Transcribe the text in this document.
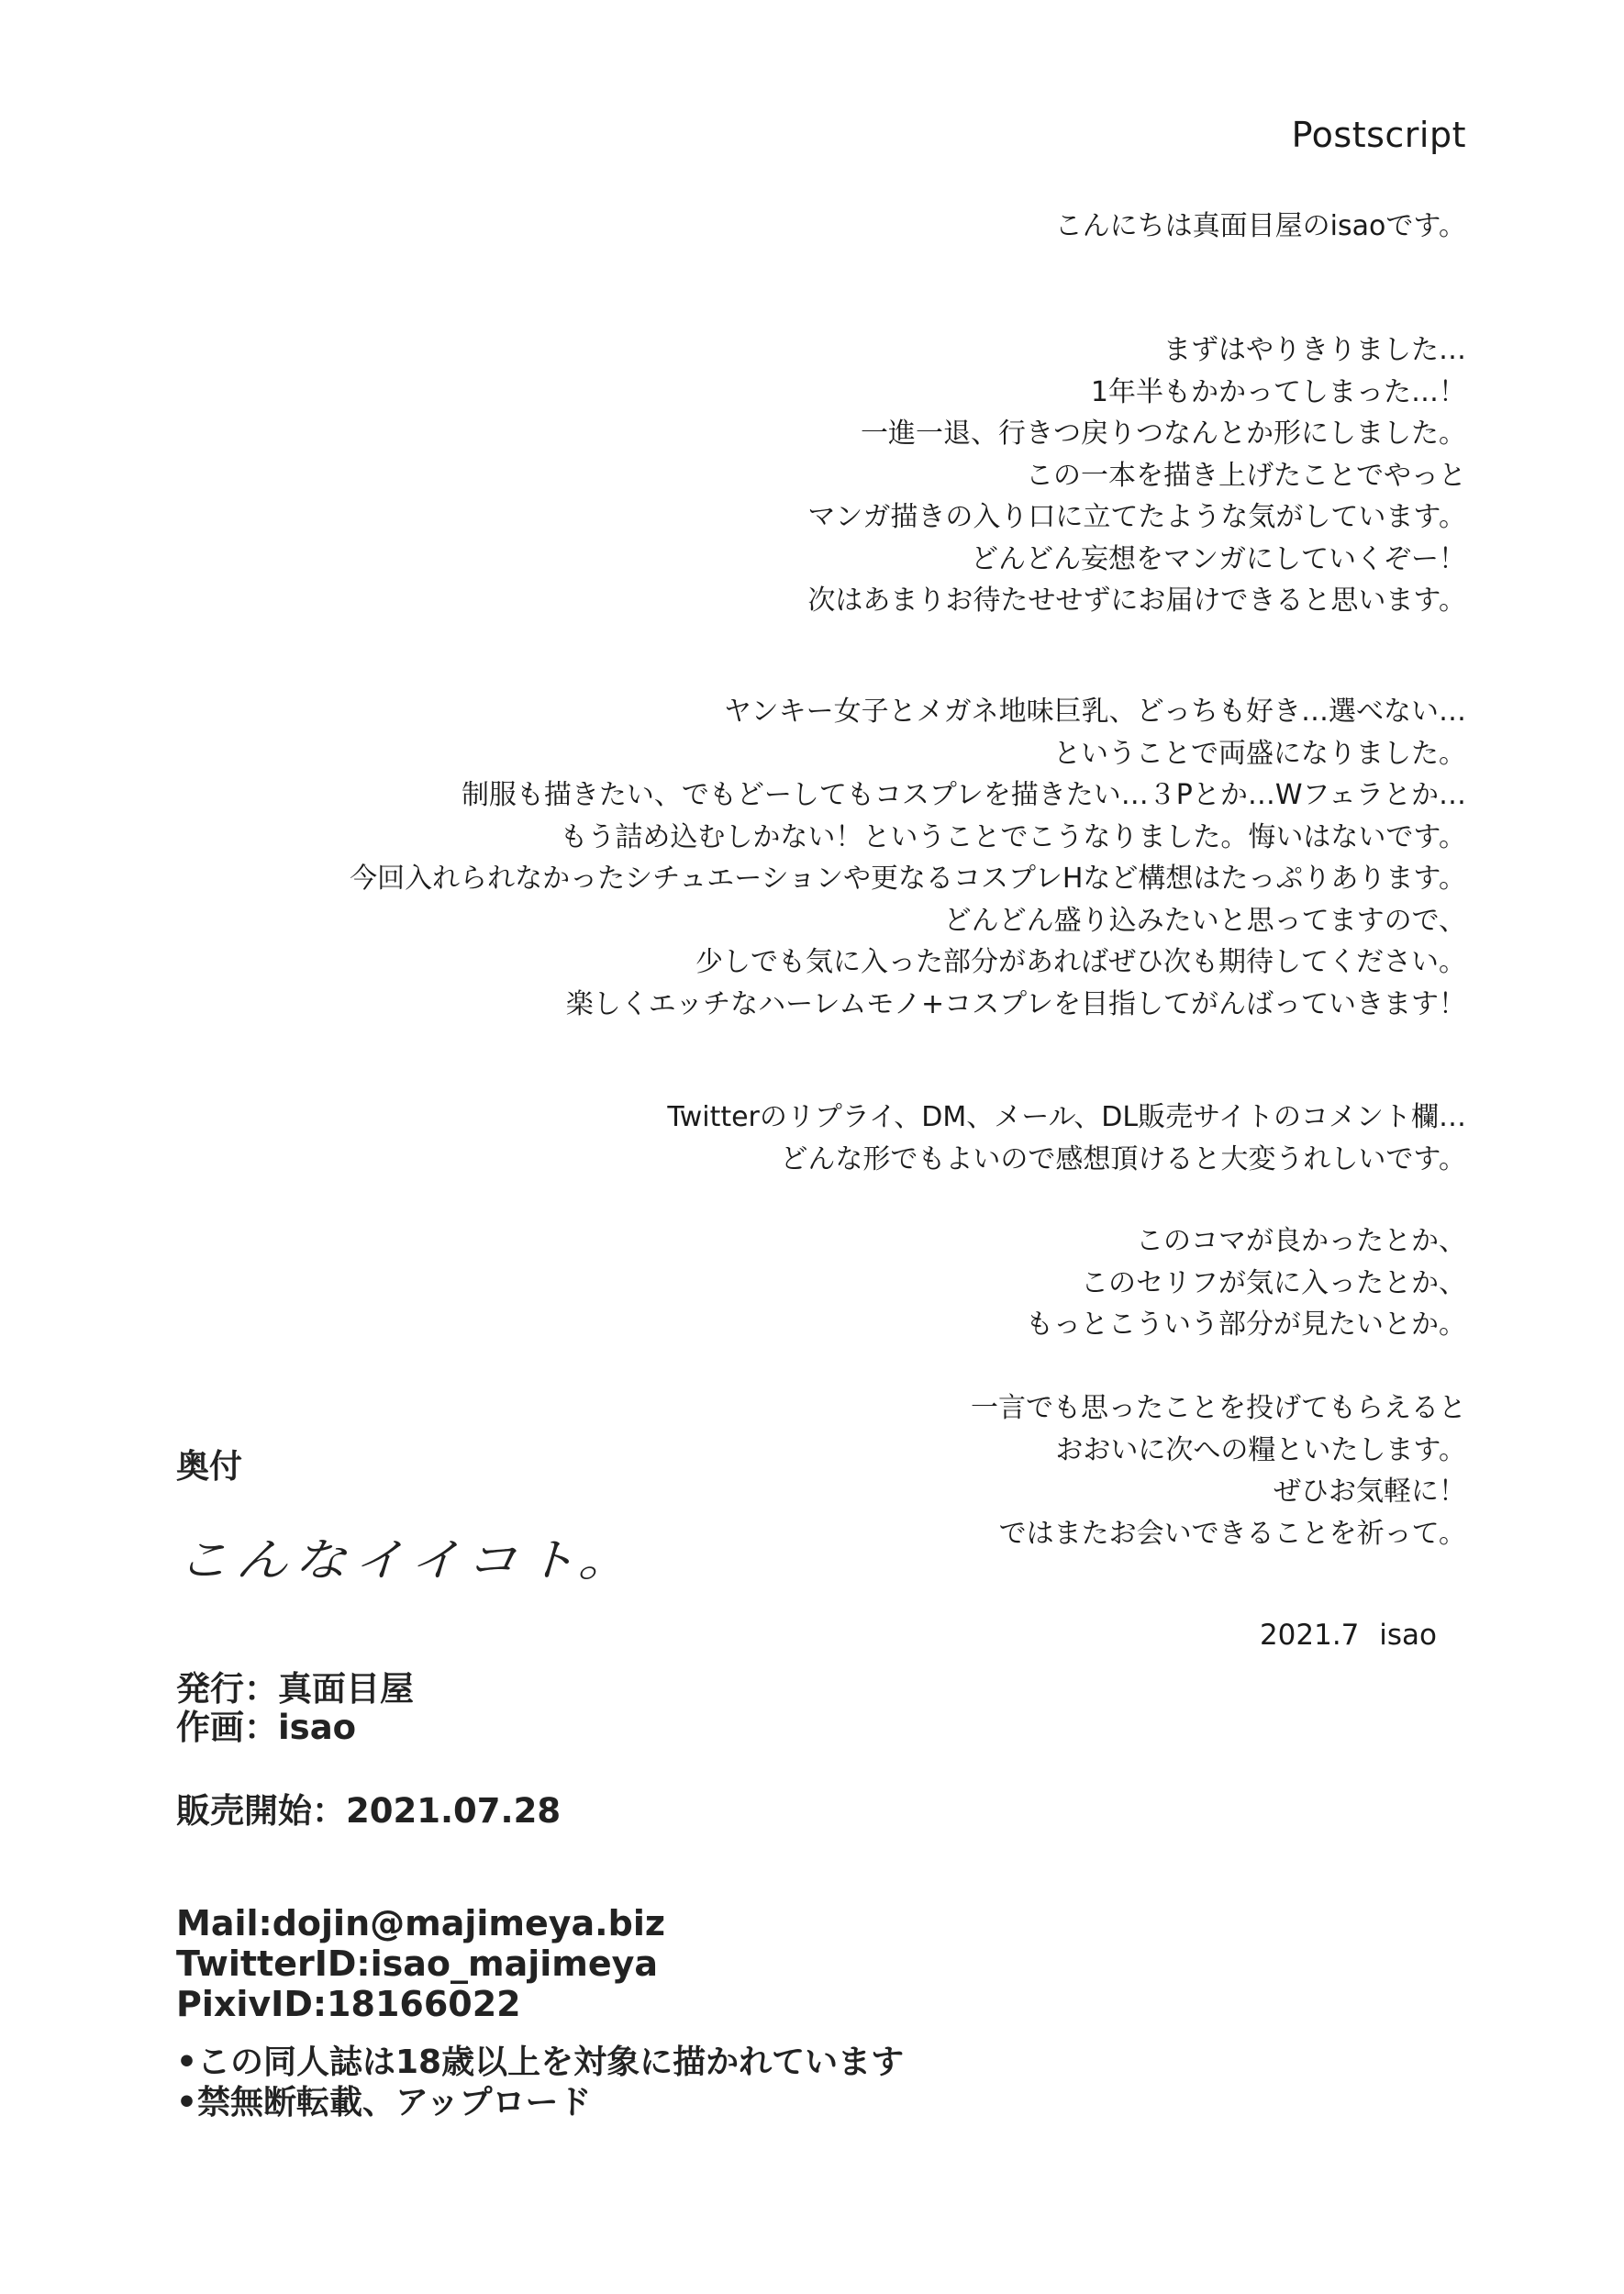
Postscript
こんにちは真面目屋のisaoです。
まずはやりきりました…
1年半もかかってしまった…！
一進一退、行きつ戻りつなんとか形にしました。
この一本を描き上げたことでやっと
マンガ描きの入り口に立てたような気がしています。
どんどん妄想をマンガにしていくぞー！
次はあまりお待たせせずにお届けできると思います。
ヤンキー女子とメガネ地味巨乳、どっちも好き…選べない…
ということで両盛になりました。
制服も描きたい、でもどーしてもコスプレを描きたい…３Pとか…Wフェラとか…
もう詰め込むしかない！ということでこうなりました。悔いはないです。
今回入れられなかったシチュエーションや更なるコスプレHなど構想はたっぷりあります。
どんどん盛り込みたいと思ってますので、
少しでも気に入った部分があればぜひ次も期待してください。
楽しくエッチなハーレムモノ+コスプレを目指してがんばっていきます！
Twitterのリプライ、DM、メール、DL販売サイトのコメント欄…
どんな形でもよいので感想頂けると大変うれしいです。
このコマが良かったとか、
このセリフが気に入ったとか、
もっとこういう部分が見たいとか。
一言でも思ったことを投げてもらえると
おおいに次への糧といたします。
ぜひお気軽に！
ではまたお会いできることを祈って。
2021.7 isao
奥付
こんなイイコト。
発行：真面目屋
作画：isao
販売開始：2021.07.28
Mail:dojin@majimeya.biz
TwitterID:isao_majimeya
PixivID:18166022
•この同人誌は18歳以上を対象に描かれています
•禁無断転載、アップロード
